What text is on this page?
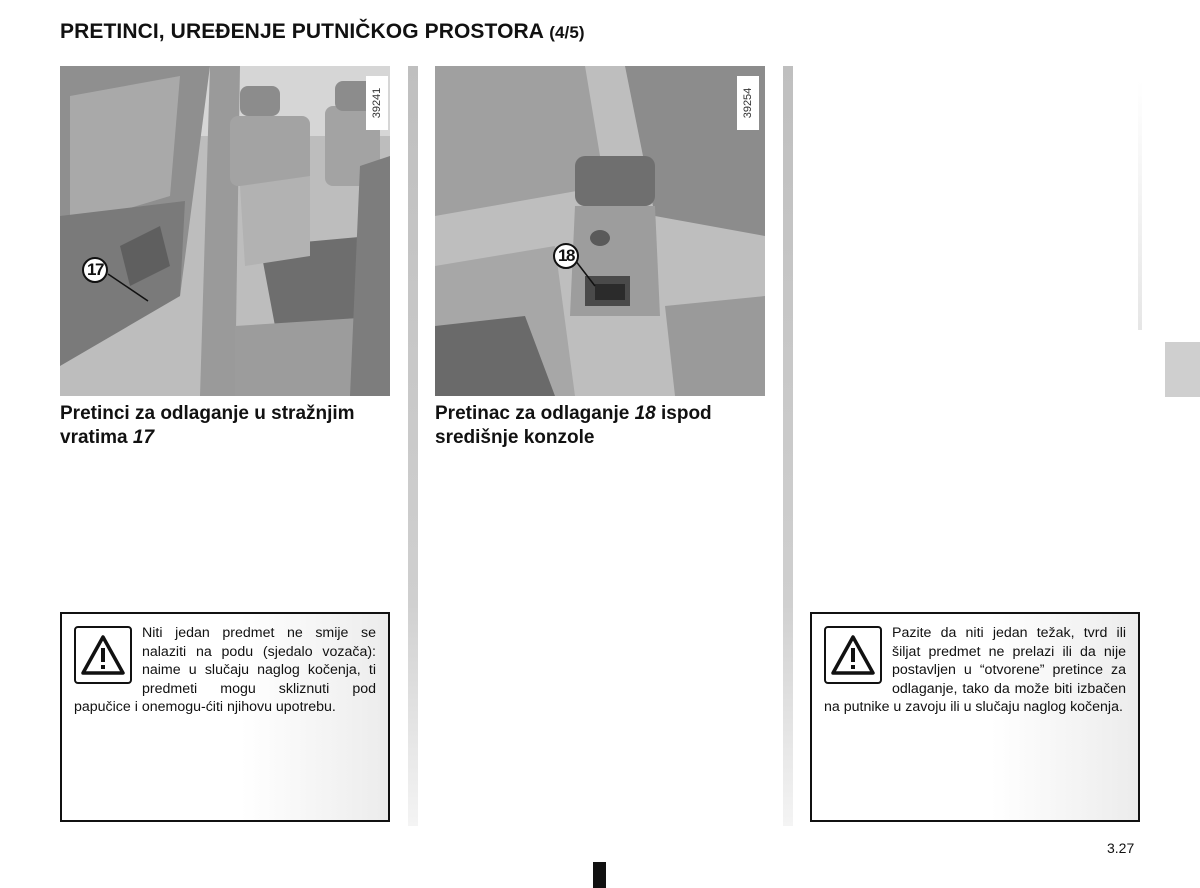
PRETINCI, UREĐENJE PUTNIČKOG PROSTORA (4/5)
39241
17

Pretinci za odlaganje u stražnjim vratima 17

39254
18

Pretinac za odlaganje 18 ispod središnje konzole

Niti jedan predmet ne smije se nalaziti na podu (sjedalo vozača): naime u slučaju naglog kočenja, ti predmeti mogu skliznuti pod papučice i onemogu-ćiti njihovu upotrebu.

Pazite da niti jedan težak, tvrd ili šiljat predmet ne prelazi ili da nije postavljen u “otvorene” pretince za odlaganje, tako da može biti izbačen na putnike u zavoju ili u slučaju naglog kočenja.

3.27
